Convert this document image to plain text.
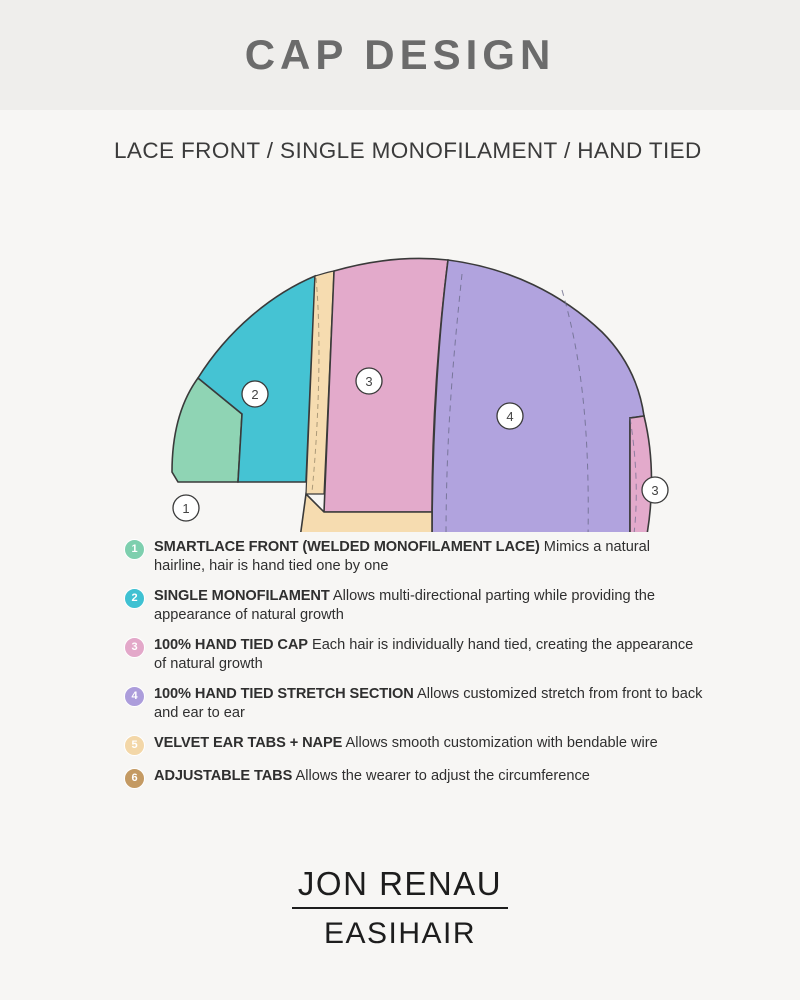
CAP DESIGN
LACE FRONT / SINGLE MONOFILAMENT / HAND TIED
1
2
3
4
3
1	SMARTLACE FRONT (WELDED MONOFILAMENT LACE) Mimics a natural hairline, hair is hand tied one by one
2	SINGLE MONOFILAMENT Allows multi-directional parting while providing the appearance of natural growth
3	100% HAND TIED CAP Each hair is individually hand tied, creating the appearance of natural growth
4	100% HAND TIED STRETCH SECTION Allows customized stretch from front to back and ear to ear
5	VELVET EAR TABS + NAPE Allows smooth customization with bendable wire
6	ADJUSTABLE TABS Allows the wearer to adjust the circumference
JON RENAU
EASIHAIR
